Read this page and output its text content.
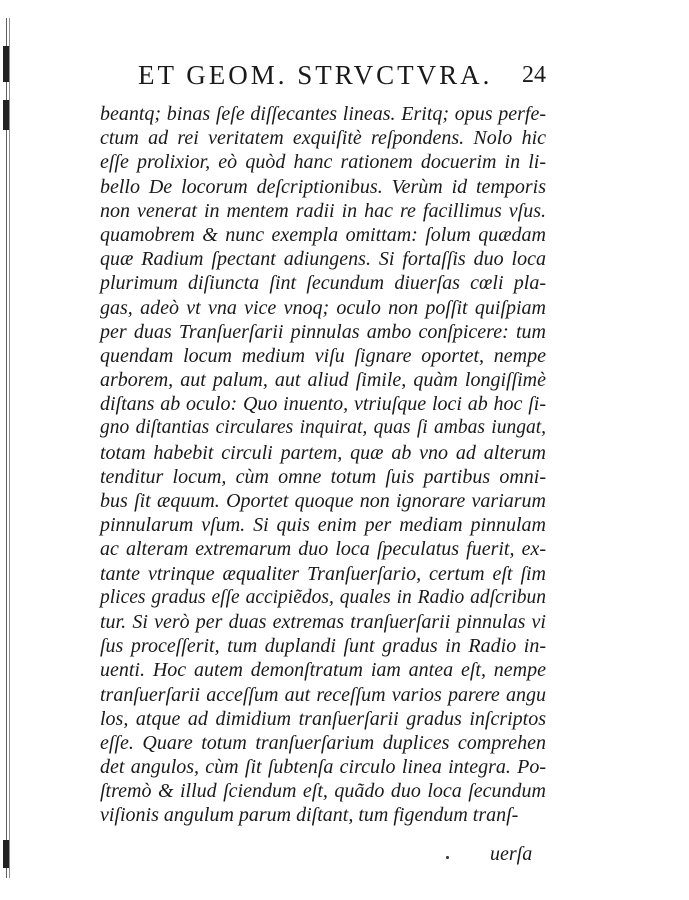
ET GEOM. STRVCTVRA. 24
beantq; binas ſeſe diſſecantes lineas. Eritq; opus perfe-
ctum ad rei veritatem exquiſitè reſpondens. Nolo hic
eſſe prolixior, eò quòd hanc rationem docuerim in li-
bello De locorum deſcriptionibus. Verùm id temporis
non venerat in mentem radii in hac re facillimus vſus.
quamobrem & nunc exempla omittam: ſolum quædam
quæ Radium ſpectant adiungens. Si fortaſſis duo loca
plurimum diſiuncta ſint ſecundum diuerſas cœli pla-
gas, adeò vt vna vice vnoq; oculo non poſſit quiſpiam
per duas Tranſuerſarii pinnulas ambo conſpicere: tum
quendam locum medium viſu ſignare oportet, nempe
arborem, aut palum, aut aliud ſimile, quàm longiſſimè
diſtans ab oculo: Quo inuento, vtriuſque loci ab hoc ſi-
gno diſtantias circulares inquirat, quas ſi ambas iungat,
totam habebit circuli partem, quæ ab vno ad alterum
tenditur locum, cùm omne totum ſuis partibus omni-
bus ſit æquum. Oportet quoque non ignorare variarum
pinnularum vſum. Si quis enim per mediam pinnulam
ac alteram extremarum duo loca ſpeculatus fuerit, ex-
tante vtrinque æqualiter Tranſuerſario, certum eſt ſim
plices gradus eſſe accipiẽdos, quales in Radio adſcribun
tur. Si verò per duas extremas tranſuerſarii pinnulas vi
ſus proceſſerit, tum duplandi ſunt gradus in Radio in-
uenti. Hoc autem demonſtratum iam antea eſt, nempe
tranſuerſarii acceſſum aut receſſum varios parere angu
los, atque ad dimidium tranſuerſarii gradus inſcriptos
eſſe. Quare totum tranſuerſarium duplices comprehen
det angulos, cùm ſit ſubtenſa circulo linea integra. Po-
ſtremò & illud ſciendum eſt, quãdo duo loca ſecundum
viſionis angulum parum diſtant, tum figendum tranſ-
uerſa
